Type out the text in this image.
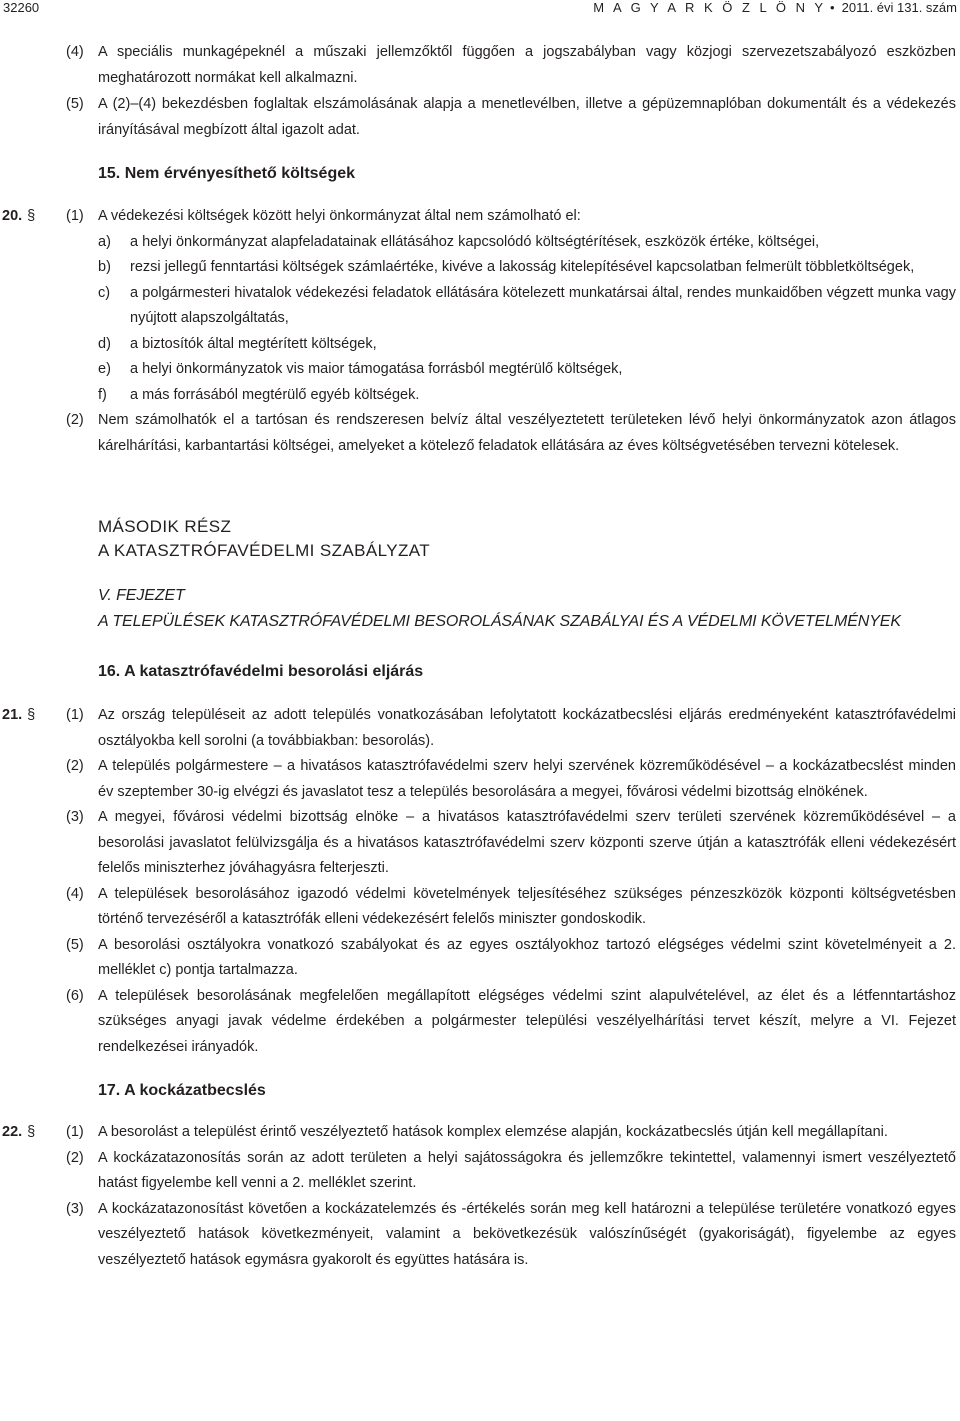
32260	M A G Y A R K Ö Z L Ö N Y • 2011. évi 131. szám
(4) A speciális munkagépeknél a műszaki jellemzőktől függően a jogszabályban vagy közjogi szervezetszabályozó eszközben meghatározott normákat kell alkalmazni.
(5) A (2)–(4) bekezdésben foglaltak elszámolásának alapja a menetlevélben, illetve a gépüzemnaplóban dokumentált és a védekezés irányításával megbízott által igazolt adat.
15. Nem érvényesíthető költségek
20. § (1) A védekezési költségek között helyi önkormányzat által nem számolható el:
a) a helyi önkormányzat alapfeladatainak ellátásához kapcsolódó költségtérítések, eszközök értéke, költségei,
b) rezsi jellegű fenntartási költségek számlaértéke, kivéve a lakosság kitelepítésével kapcsolatban felmerült többletköltségek,
c) a polgármesteri hivatalok védekezési feladatok ellátására kötelezett munkatársai által, rendes munkaidőben végzett munka vagy nyújtott alapszolgáltatás,
d) a biztosítók által megtérített költségek,
e) a helyi önkormányzatok vis maior támogatása forrásból megtérülő költségek,
f) a más forrásából megtérülő egyéb költségek.
(2) Nem számolhatók el a tartósan és rendszeresen belvíz által veszélyeztetett területeken lévő helyi önkormányzatok azon átlagos kárelhárítási, karbantartási költségei, amelyeket a kötelező feladatok ellátására az éves költségvetésében tervezni kötelesek.
MÁSODIK RÉSZ
A KATASZTRÓFAVÉDELMI SZABÁLYZAT
V. FEJEZET
A TELEPÜLÉSEK KATASZTRÓFAVÉDELMI BESOROLÁSÁNAK SZABÁLYAI ÉS A VÉDELMI KÖVETELMÉNYEK
16. A katasztrófavédelmi besorolási eljárás
21. § (1) Az ország településeit az adott település vonatkozásában lefolytatott kockázatbecslési eljárás eredményeként katasztrófavédelmi osztályokba kell sorolni (a továbbiakban: besorolás).
(2) A település polgármestere – a hivatásos katasztrófavédelmi szerv helyi szervének közreműködésével – a kockázatbecslést minden év szeptember 30-ig elvégzi és javaslatot tesz a település besorolására a megyei, fővárosi védelmi bizottság elnökének.
(3) A megyei, fővárosi védelmi bizottság elnöke – a hivatásos katasztrófavédelmi szerv területi szervének közreműködésével – a besorolási javaslatot felülvizsgálja és a hivatásos katasztrófavédelmi szerv központi szerve útján a katasztrófák elleni védekezésért felelős miniszterhez jóváhagyásra felterjeszti.
(4) A települések besorolásához igazodó védelmi követelmények teljesítéséhez szükséges pénzeszközök központi költségvetésben történő tervezéséről a katasztrófák elleni védekezésért felelős miniszter gondoskodik.
(5) A besorolási osztályokra vonatkozó szabályokat és az egyes osztályokhoz tartozó elégséges védelmi szint követelményeit a 2. melléklet c) pontja tartalmazza.
(6) A települések besorolásának megfelelően megállapított elégséges védelmi szint alapulvételével, az élet és a létfenntartáshoz szükséges anyagi javak védelme érdekében a polgármester települési veszélyelhárítási tervet készít, melyre a VI. Fejezet rendelkezései irányadók.
17. A kockázatbecslés
22. § (1) A besorolást a települést érintő veszélyeztető hatások komplex elemzése alapján, kockázatbecslés útján kell megállapítani.
(2) A kockázatazonosítás során az adott területen a helyi sajátosságokra és jellemzőkre tekintettel, valamennyi ismert veszélyeztető hatást figyelembe kell venni a 2. melléklet szerint.
(3) A kockázatazonosítást követően a kockázatelemzés és -értékelés során meg kell határozni a települése területére vonatkozó egyes veszélyeztető hatások következményeit, valamint a bekövetkezésük valószínűségét (gyakoriságát), figyelembe az egyes veszélyeztető hatások egymásra gyakorolt és együttes hatására is.
